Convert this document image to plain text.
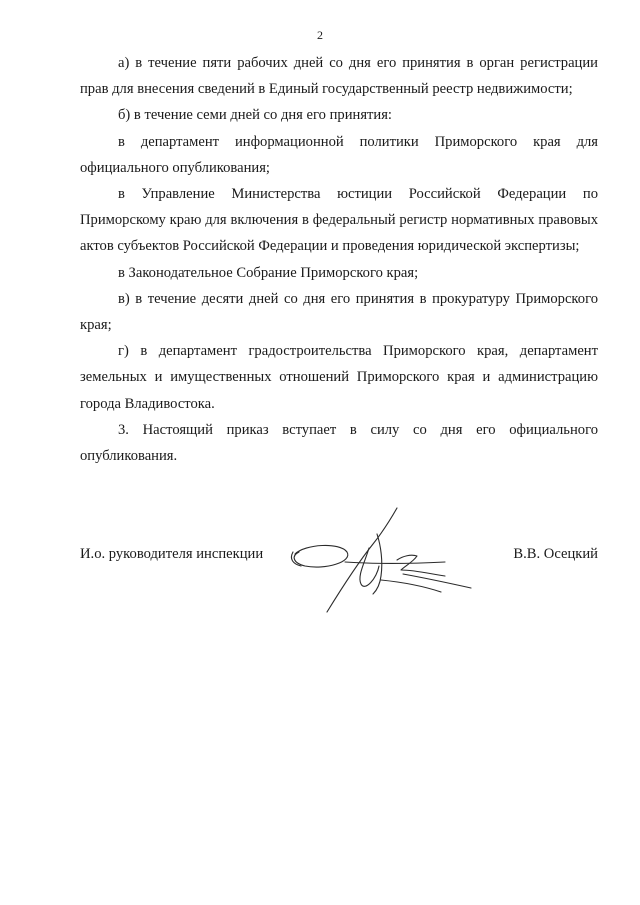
2

а) в течение пяти рабочих дней со дня его принятия в орган регистрации прав для внесения сведений в Единый государственный реестр недвижимости;

б) в течение семи дней со дня его принятия:

в департамент информационной политики Приморского края для официального опубликования;

в Управление Министерства юстиции Российской Федерации по Приморскому краю для включения в федеральный регистр нормативных правовых актов субъектов Российской Федерации и проведения юридической экспертизы;

в Законодательное Собрание Приморского края;

в) в течение десяти дней со дня его принятия в прокуратуру Приморского края;

г) в департамент градостроительства Приморского края, департамент земельных и имущественных отношений Приморского края и администрацию города Владивостока.

3. Настоящий приказ вступает в силу со дня его официального опубликования.

И.о. руководителя инспекции	В.В. Осецкий
